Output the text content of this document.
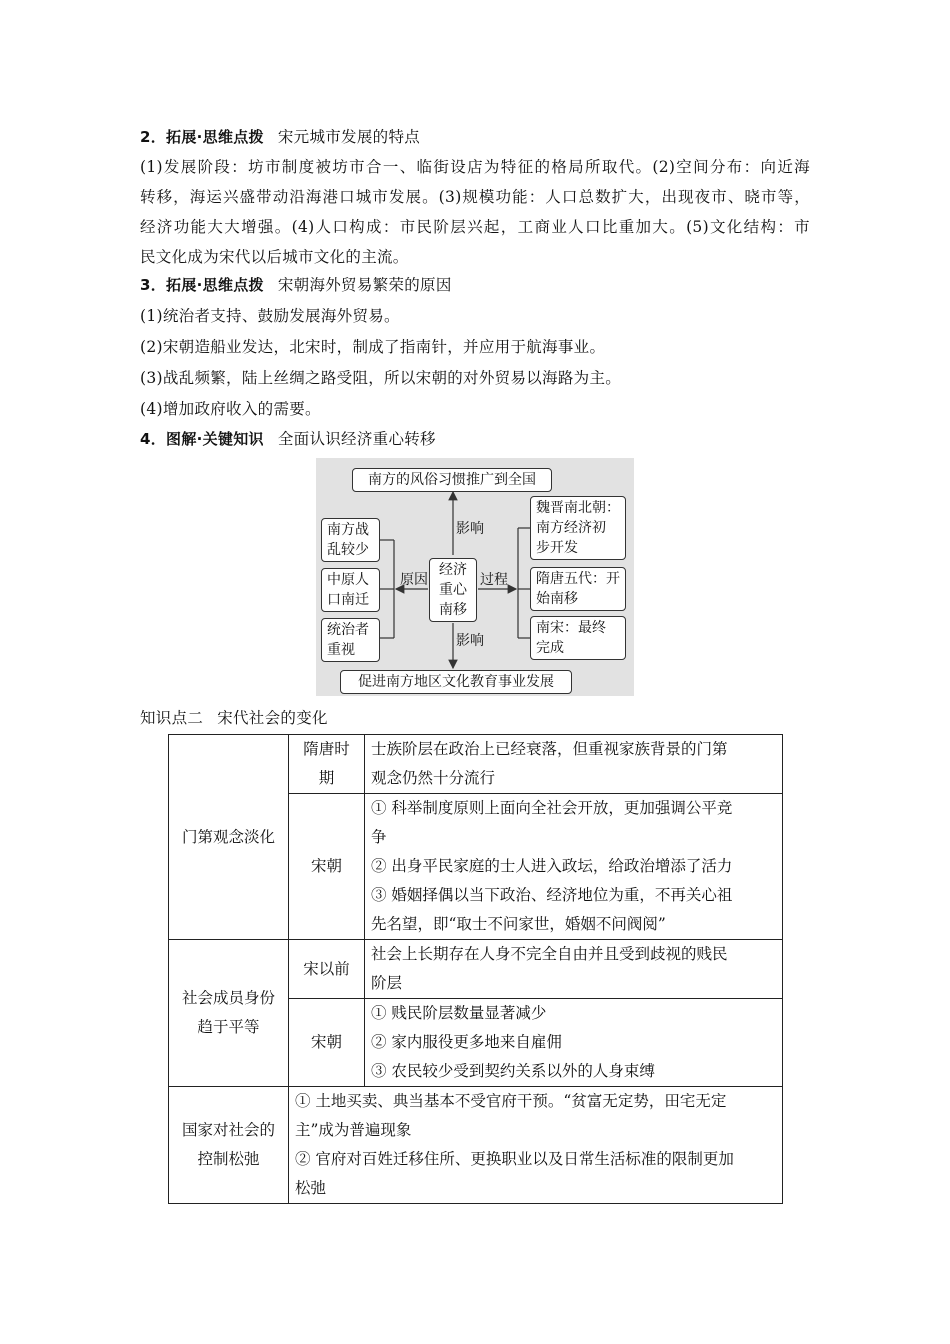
2．拓展·思维点拨 宋元城市发展的特点
(1)发展阶段：坊市制度被坊市合一、临街设店为特征的格局所取代。(2)空间分布：向近海
转移，海运兴盛带动沿海港口城市发展。(3)规模功能：人口总数扩大，出现夜市、晓市等，
经济功能大大增强。(4)人口构成：市民阶层兴起，工商业人口比重加大。(5)文化结构：市
民文化成为宋代以后城市文化的主流。
3．拓展·思维点拨 宋朝海外贸易繁荣的原因
(1)统治者支持、鼓励发展海外贸易。
(2)宋朝造船业发达，北宋时，制成了指南针，并应用于航海事业。
(3)战乱频繁，陆上丝绸之路受阻，所以宋朝的对外贸易以海路为主。
(4)增加政府收入的需要。
4．图解·关键知识 全面认识经济重心转移
南方的风俗习惯推广到全国
影响
影响
原因	过程
经济
重心
南移
南方战
乱较少
中原人
口南迁
统治者
重视
魏晋南北朝：
南方经济初
步开发
隋唐五代：开
始南移
南宋：最终
完成
促进南方地区文化教育事业发展
知识点二 宋代社会的变化
门第观念淡化	隋唐时
期	士族阶层在政治上已经衰落，但重视家族背景的门第
观念仍然十分流行

	宋朝	① 科举制度原则上面向全社会开放，更加强调公平竞
争
② 出身平民家庭的士人进入政坛，给政治增添了活力
③ 婚姻择偶以当下政治、经济地位为重，不再关心祖
先名望，即“取士不问家世，婚姻不问阀阅”

社会成员身份
趋于平等	宋以前	社会上长期存在人身不完全自由并且受到歧视的贱民
阶层

	宋朝	① 贱民阶层数量显著减少
② 家内服役更多地来自雇佣
③ 农民较少受到契约关系以外的人身束缚

国家对社会的
控制松弛	① 土地买卖、典当基本不受官府干预。“贫富无定势，田宅无定
主”成为普遍现象
② 官府对百姓迁移住所、更换职业以及日常生活标准的限制更加
松弛	
